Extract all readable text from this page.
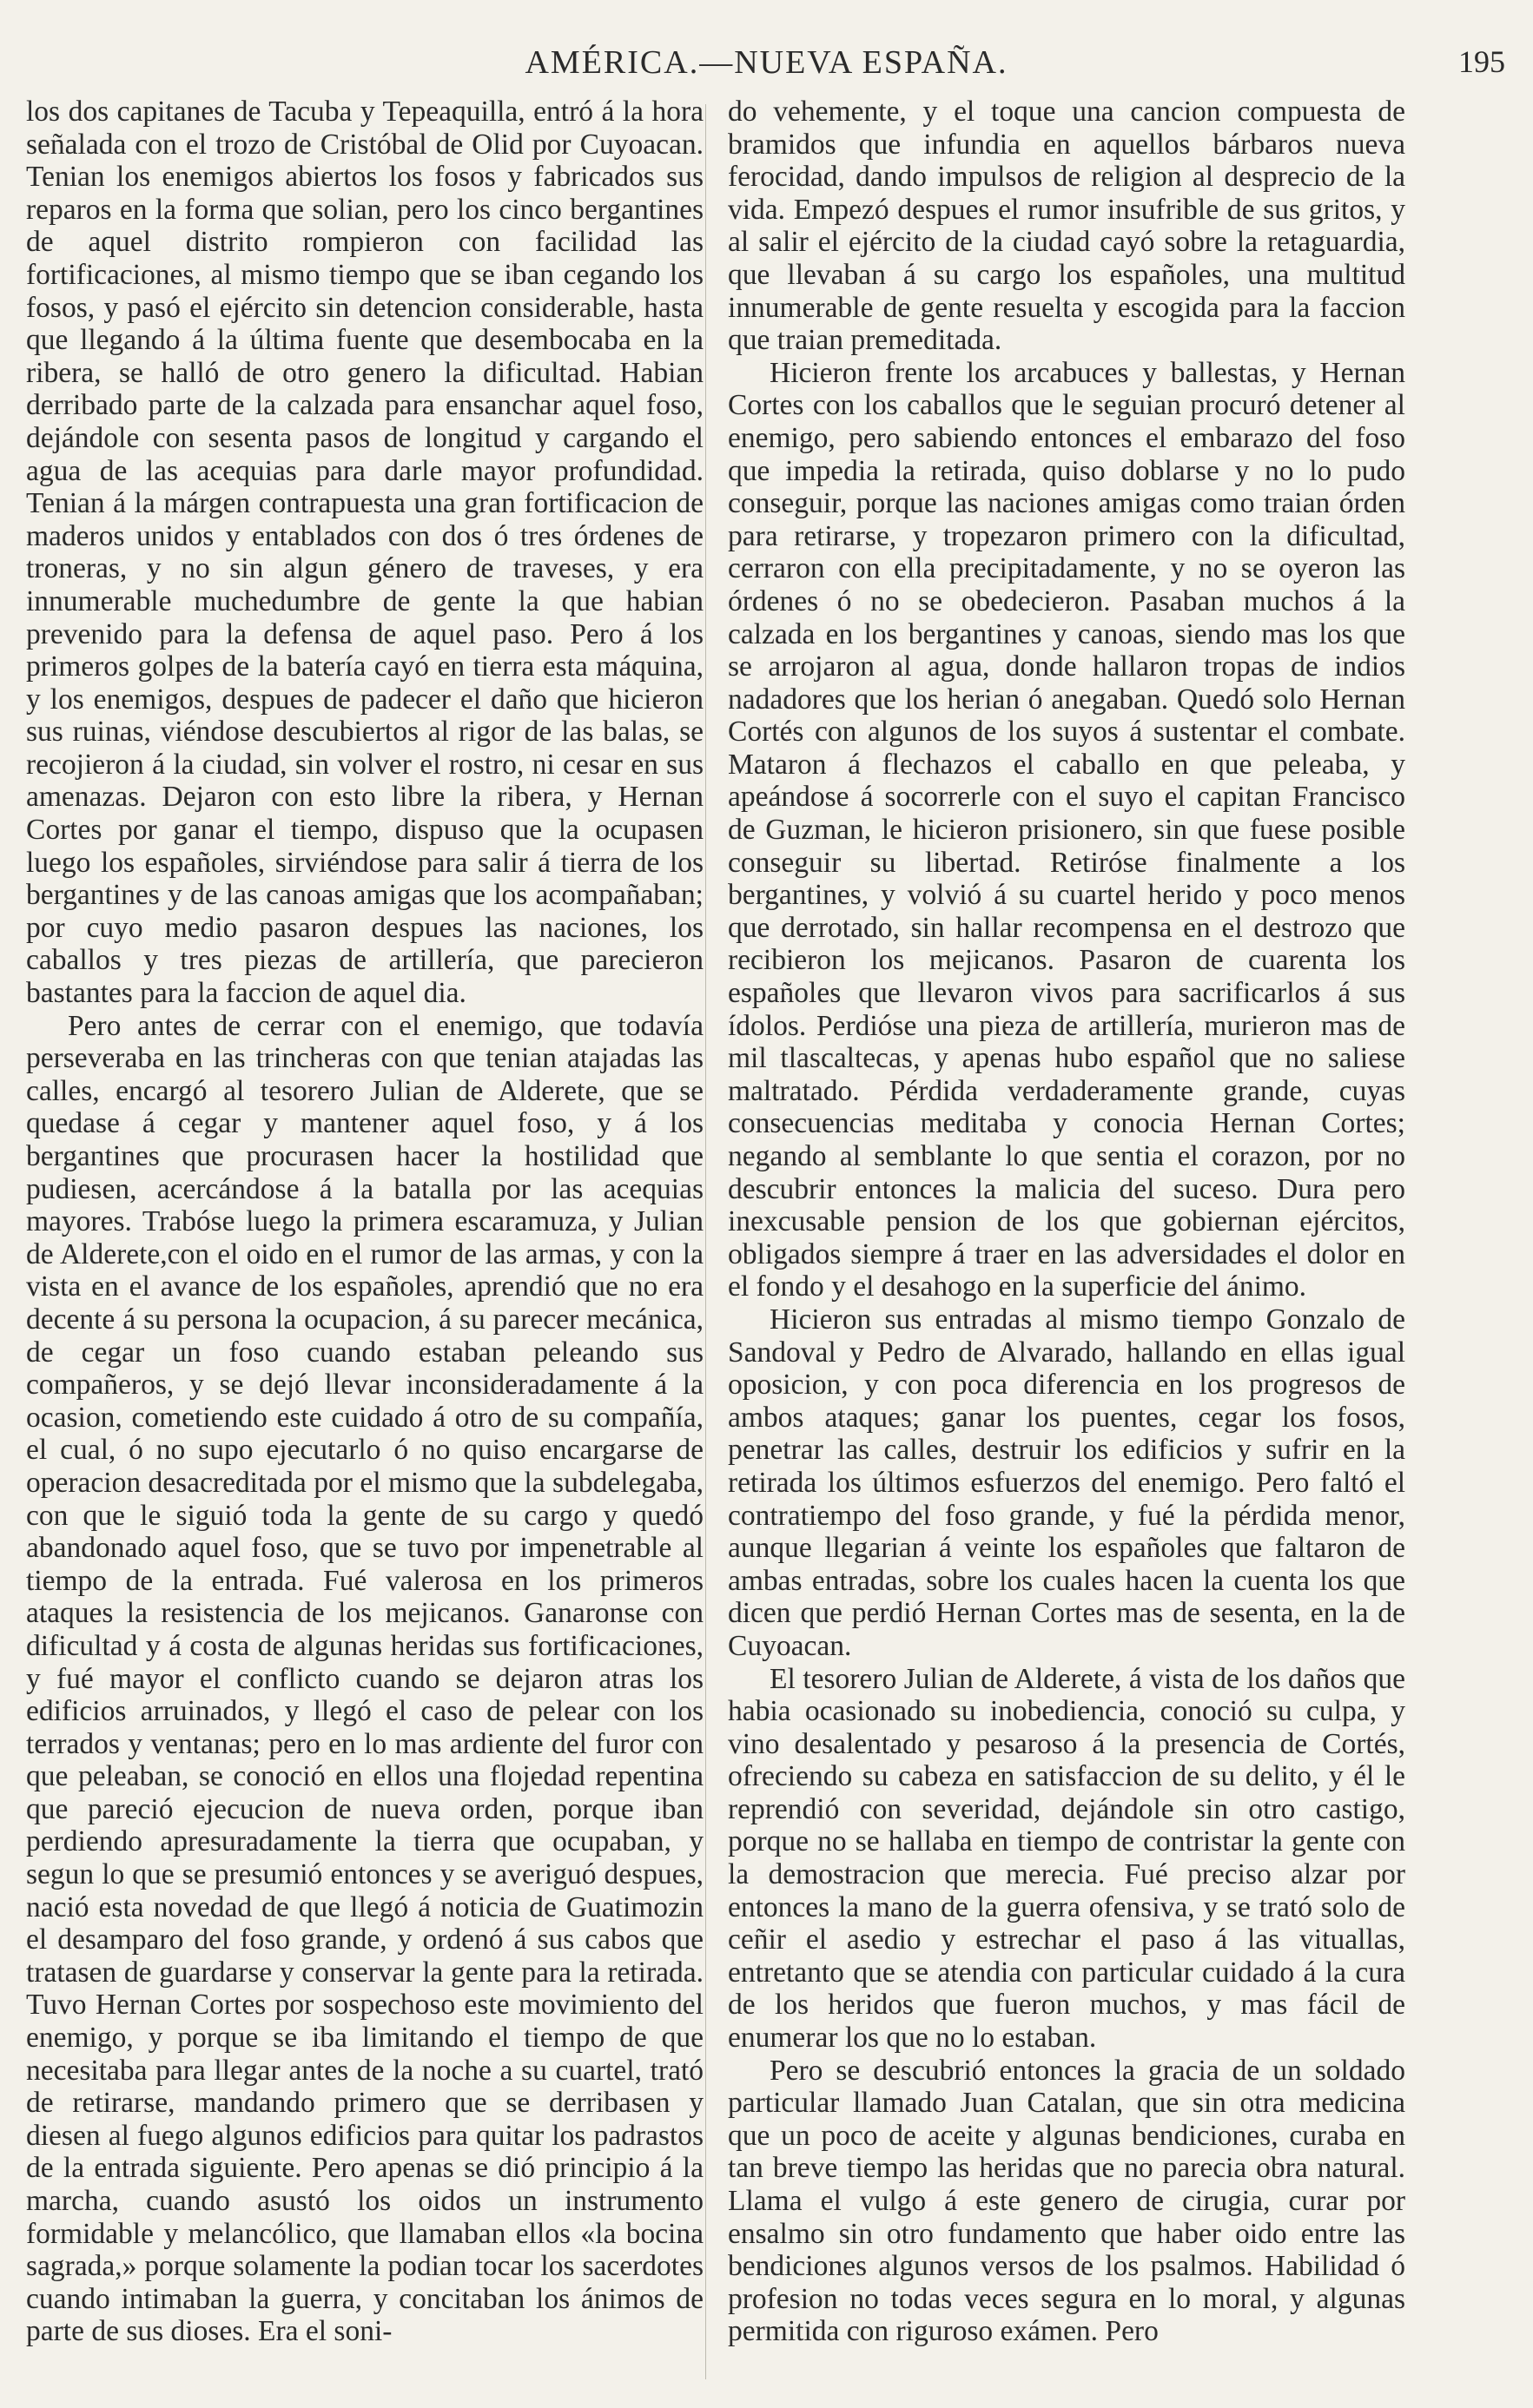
AMÉRICA.—NUEVA ESPAÑA.	195

los dos capitanes de Tacuba y Tepeaquilla, entró á la hora señalada con el trozo de Cristóbal de Olid por Cuyoacan. Tenian los enemigos abiertos los fosos y fabricados sus reparos en la forma que solian, pero los cinco bergantines de aquel distrito rompieron con facilidad las fortificaciones, al mismo tiempo que se iban cegando los fosos, y pasó el ejército sin detencion considerable, hasta que llegando á la última fuente que desembocaba en la ribera, se halló de otro genero la dificultad. Habian derribado parte de la calzada para ensanchar aquel foso, dejándole con sesenta pasos de longitud y cargando el agua de las acequias para darle mayor profundidad. Tenian á la márgen contrapuesta una gran fortificacion de maderos unidos y entablados con dos ó tres órdenes de troneras, y no sin algun género de traveses, y era innumerable muchedumbre de gente la que habian prevenido para la defensa de aquel paso. Pero á los primeros golpes de la batería cayó en tierra esta máquina, y los enemigos, despues de padecer el daño que hicieron sus ruinas, viéndose descubiertos al rigor de las balas, se recojieron á la ciudad, sin volver el rostro, ni cesar en sus amenazas. Dejaron con esto libre la ribera, y Hernan Cortes por ganar el tiempo, dispuso que la ocupasen luego los españoles, sirviéndose para salir á tierra de los bergantines y de las canoas amigas que los acompañaban; por cuyo medio pasaron despues las naciones, los caballos y tres piezas de artillería, que parecieron bastantes para la faccion de aquel dia.

Pero antes de cerrar con el enemigo, que todavía perseveraba en las trincheras con que tenian atajadas las calles, encargó al tesorero Julian de Alderete, que se quedase á cegar y mantener aquel foso, y á los bergantines que procurasen hacer la hostilidad que pudiesen, acercándose á la batalla por las acequias mayores. Trabóse luego la primera escaramuza, y Julian de Alderete,con el oido en el rumor de las armas, y con la vista en el avance de los españoles, aprendió que no era decente á su persona la ocupacion, á su parecer mecánica, de cegar un foso cuando estaban peleando sus compañeros, y se dejó llevar inconsideradamente á la ocasion, cometiendo este cuidado á otro de su compañía, el cual, ó no supo ejecutarlo ó no quiso encargarse de operacion desacreditada por el mismo que la subdelegaba, con que le siguió toda la gente de su cargo y quedó abandonado aquel foso, que se tuvo por impenetrable al tiempo de la entrada. Fué valerosa en los primeros ataques la resistencia de los mejicanos. Ganaronse con dificultad y á costa de algunas heridas sus fortificaciones, y fué mayor el conflicto cuando se dejaron atras los edificios arruinados, y llegó el caso de pelear con los terrados y ventanas; pero en lo mas ardiente del furor con que peleaban, se conoció en ellos una flojedad repentina que pareció ejecucion de nueva orden, porque iban perdiendo apresuradamente la tierra que ocupaban, y segun lo que se presumió entonces y se averiguó despues, nació esta novedad de que llegó á noticia de Guatimozin el desamparo del foso grande, y ordenó á sus cabos que tratasen de guardarse y conservar la gente para la retirada. Tuvo Hernan Cortes por sospechoso este movimiento del enemigo, y porque se iba limitando el tiempo de que necesitaba para llegar antes de la noche a su cuartel, trató de retirarse, mandando primero que se derribasen y diesen al fuego algunos edificios para quitar los padrastos de la entrada siguiente. Pero apenas se dió principio á la marcha, cuando asustó los oidos un instrumento formidable y melancólico, que llamaban ellos «la bocina sagrada,» porque solamente la podian tocar los sacerdotes cuando intimaban la guerra, y concitaban los ánimos de parte de sus dioses. Era el soni-

do vehemente, y el toque una cancion compuesta de bramidos que infundia en aquellos bárbaros nueva ferocidad, dando impulsos de religion al desprecio de la vida. Empezó despues el rumor insufrible de sus gritos, y al salir el ejército de la ciudad cayó sobre la retaguardia, que llevaban á su cargo los españoles, una multitud innumerable de gente resuelta y escogida para la faccion que traian premeditada.

Hicieron frente los arcabuces y ballestas, y Hernan Cortes con los caballos que le seguian procuró detener al enemigo, pero sabiendo entonces el embarazo del foso que impedia la retirada, quiso doblarse y no lo pudo conseguir, porque las naciones amigas como traian órden para retirarse, y tropezaron primero con la dificultad, cerraron con ella precipitadamente, y no se oyeron las órdenes ó no se obedecieron. Pasaban muchos á la calzada en los bergantines y canoas, siendo mas los que se arrojaron al agua, donde hallaron tropas de indios nadadores que los herian ó anegaban. Quedó solo Hernan Cortés con algunos de los suyos á sustentar el combate. Mataron á flechazos el caballo en que peleaba, y apeándose á socorrerle con el suyo el capitan Francisco de Guzman, le hicieron prisionero, sin que fuese posible conseguir su libertad. Retiróse finalmente a los bergantines, y volvió á su cuartel herido y poco menos que derrotado, sin hallar recompensa en el destrozo que recibieron los mejicanos. Pasaron de cuarenta los españoles que llevaron vivos para sacrificarlos á sus ídolos. Perdióse una pieza de artillería, murieron mas de mil tlascaltecas, y apenas hubo español que no saliese maltratado. Pérdida verdaderamente grande, cuyas consecuencias meditaba y conocia Hernan Cortes; negando al semblante lo que sentia el corazon, por no descubrir entonces la malicia del suceso. Dura pero inexcusable pension de los que gobiernan ejércitos, obligados siempre á traer en las adversidades el dolor en el fondo y el desahogo en la superficie del ánimo.

Hicieron sus entradas al mismo tiempo Gonzalo de Sandoval y Pedro de Alvarado, hallando en ellas igual oposicion, y con poca diferencia en los progresos de ambos ataques; ganar los puentes, cegar los fosos, penetrar las calles, destruir los edificios y sufrir en la retirada los últimos esfuerzos del enemigo. Pero faltó el contratiempo del foso grande, y fué la pérdida menor, aunque llegarian á veinte los españoles que faltaron de ambas entradas, sobre los cuales hacen la cuenta los que dicen que perdió Hernan Cortes mas de sesenta, en la de Cuyoacan.

El tesorero Julian de Alderete, á vista de los daños que habia ocasionado su inobediencia, conoció su culpa, y vino desalentado y pesaroso á la presencia de Cortés, ofreciendo su cabeza en satisfaccion de su delito, y él le reprendió con severidad, dejándole sin otro castigo, porque no se hallaba en tiempo de contristar la gente con la demostracion que merecia. Fué preciso alzar por entonces la mano de la guerra ofensiva, y se trató solo de ceñir el asedio y estrechar el paso á las vituallas, entretanto que se atendia con particular cuidado á la cura de los heridos que fueron muchos, y mas fácil de enumerar los que no lo estaban.

Pero se descubrió entonces la gracia de un soldado particular llamado Juan Catalan, que sin otra medicina que un poco de aceite y algunas bendiciones, curaba en tan breve tiempo las heridas que no parecia obra natural. Llama el vulgo á este genero de cirugia, curar por ensalmo sin otro fundamento que haber oido entre las bendiciones algunos versos de los psalmos. Habilidad ó profesion no todas veces segura en lo moral, y algunas permitida con riguroso exámen. Pero
